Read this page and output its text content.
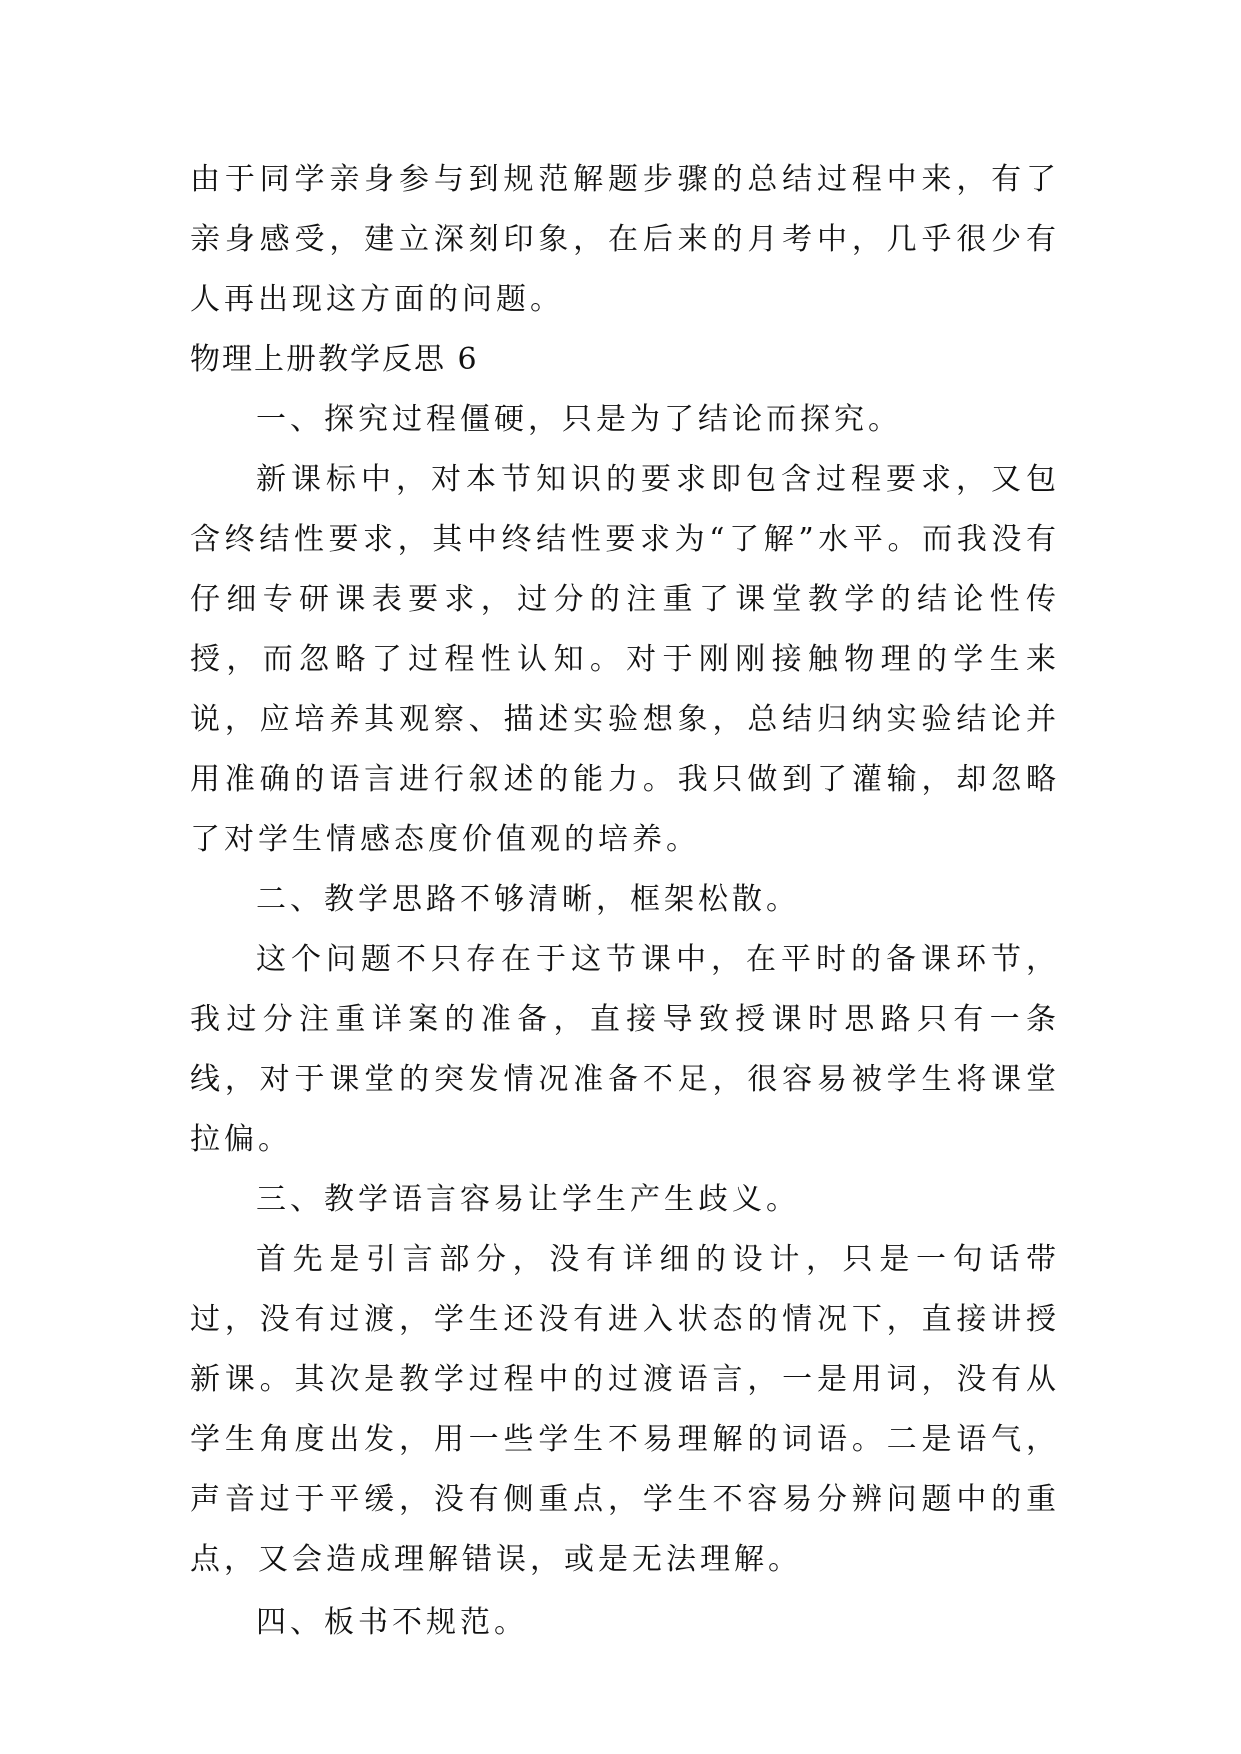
由于同学亲身参与到规范解题步骤的总结过程中来，有了亲身感受，建立深刻印象，在后来的月考中，几乎很少有人再出现这方面的问题。

物理上册教学反思 6

一、探究过程僵硬，只是为了结论而探究。

新课标中，对本节知识的要求即包含过程要求，又包含终结性要求，其中终结性要求为“了解”水平。而我没有仔细专研课表要求，过分的注重了课堂教学的结论性传授，而忽略了过程性认知。对于刚刚接触物理的学生来说，应培养其观察、描述实验想象，总结归纳实验结论并用准确的语言进行叙述的能力。我只做到了灌输，却忽略了对学生情感态度价值观的培养。

二、教学思路不够清晰，框架松散。

这个问题不只存在于这节课中，在平时的备课环节，我过分注重详案的准备，直接导致授课时思路只有一条线，对于课堂的突发情况准备不足，很容易被学生将课堂拉偏。

三、教学语言容易让学生产生歧义。

首先是引言部分，没有详细的设计，只是一句话带过，没有过渡，学生还没有进入状态的情况下，直接讲授新课。其次是教学过程中的过渡语言，一是用词，没有从学生角度出发，用一些学生不易理解的词语。二是语气，声音过于平缓，没有侧重点，学生不容易分辨问题中的重点，又会造成理解错误，或是无法理解。

四、板书不规范。
